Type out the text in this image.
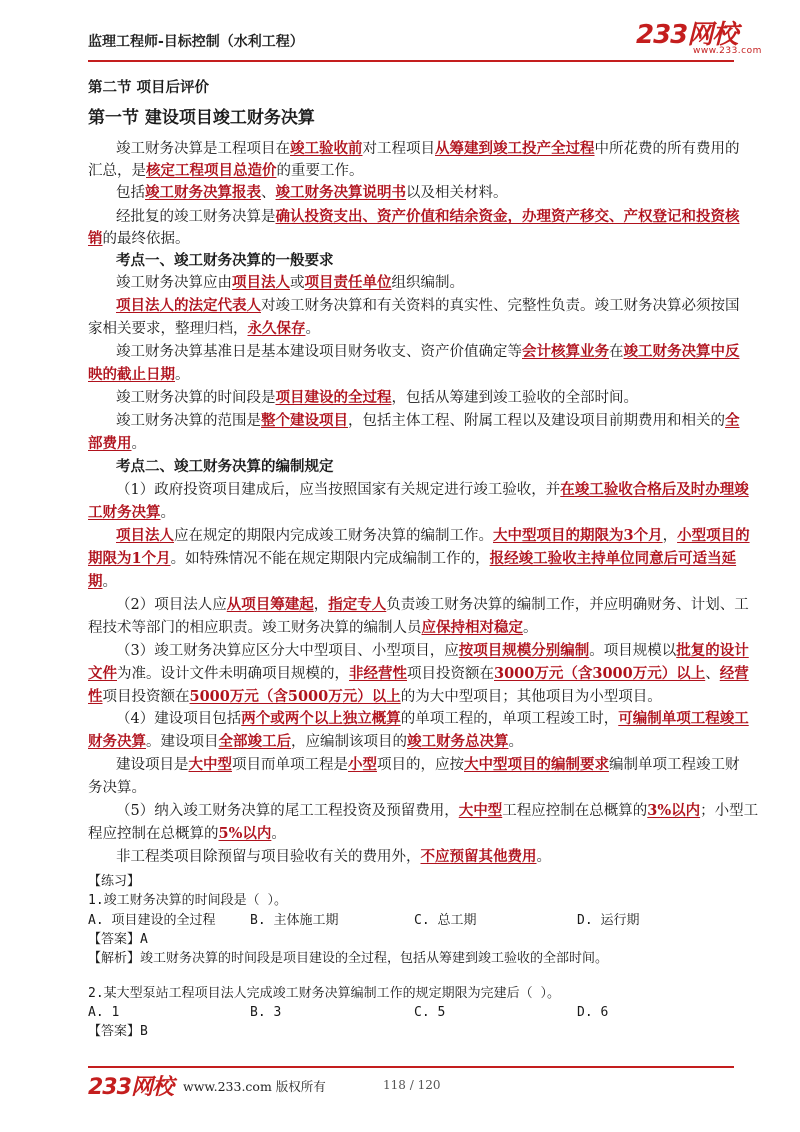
监理工程师-目标控制（水利工程）	233网校
www.233.com
第二节 项目后评价
第一节 建设项目竣工财务决算
竣工财务决算是工程项目在竣工验收前对工程项目从筹建到竣工投产全过程中所花费的所有费用的
汇总，是核定工程项目总造价的重要工作。
包括竣工财务决算报表、竣工财务决算说明书以及相关材料。
经批复的竣工财务决算是确认投资支出、资产价值和结余资金，办理资产移交、产权登记和投资核
销的最终依据。
考点一、竣工财务决算的一般要求
竣工财务决算应由项目法人或项目责任单位组织编制。
项目法人的法定代表人对竣工财务决算和有关资料的真实性、完整性负责。竣工财务决算必须按国
家相关要求，整理归档，永久保存。
竣工财务决算基准日是基本建设项目财务收支、资产价值确定等会计核算业务在竣工财务决算中反
映的截止日期。
竣工财务决算的时间段是项目建设的全过程，包括从筹建到竣工验收的全部时间。
竣工财务决算的范围是整个建设项目，包括主体工程、附属工程以及建设项目前期费用和相关的全
部费用。
考点二、竣工财务决算的编制规定
（1）政府投资项目建成后，应当按照国家有关规定进行竣工验收，并在竣工验收合格后及时办理竣
工财务决算。
项目法人应在规定的期限内完成竣工财务决算的编制工作。大中型项目的期限为3个月，小型项目的
期限为1个月。如特殊情况不能在规定期限内完成编制工作的，报经竣工验收主持单位同意后可适当延
期。
（2）项目法人应从项目筹建起，指定专人负责竣工财务决算的编制工作，并应明确财务、计划、工
程技术等部门的相应职责。竣工财务决算的编制人员应保持相对稳定。
（3）竣工财务决算应区分大中型项目、小型项目，应按项目规模分别编制。项目规模以批复的设计
文件为准。设计文件未明确项目规模的，非经营性项目投资额在3000万元（含3000万元）以上、经营
性项目投资额在5000万元（含5000万元）以上的为大中型项目；其他项目为小型项目。
（4）建设项目包括两个或两个以上独立概算的单项工程的，单项工程竣工时，可编制单项工程竣工
财务决算。建设项目全部竣工后，应编制该项目的竣工财务总决算。
建设项目是大中型项目而单项工程是小型项目的，应按大中型项目的编制要求编制单项工程竣工财
务决算。
（5）纳入竣工财务决算的尾工工程投资及预留费用，大中型工程应控制在总概算的3%以内；小型工
程应控制在总概算的5%以内。
非工程类项目除预留与项目验收有关的费用外，不应预留其他费用。
【练习】
1.竣工财务决算的时间段是（ ）。
【答案】A
【解析】竣工财务决算的时间段是项目建设的全过程，包括从筹建到竣工验收的全部时间。
2.某大型泵站工程项目法人完成竣工财务决算编制工作的规定期限为完建后（ ）。
【答案】B
A. 项目建设的全过程	B. 主体施工期	C. 总工期	D. 运行期
A. 1	B. 3	C. 5	D. 6
233网校 www.233.com 版权所有	118 / 120
